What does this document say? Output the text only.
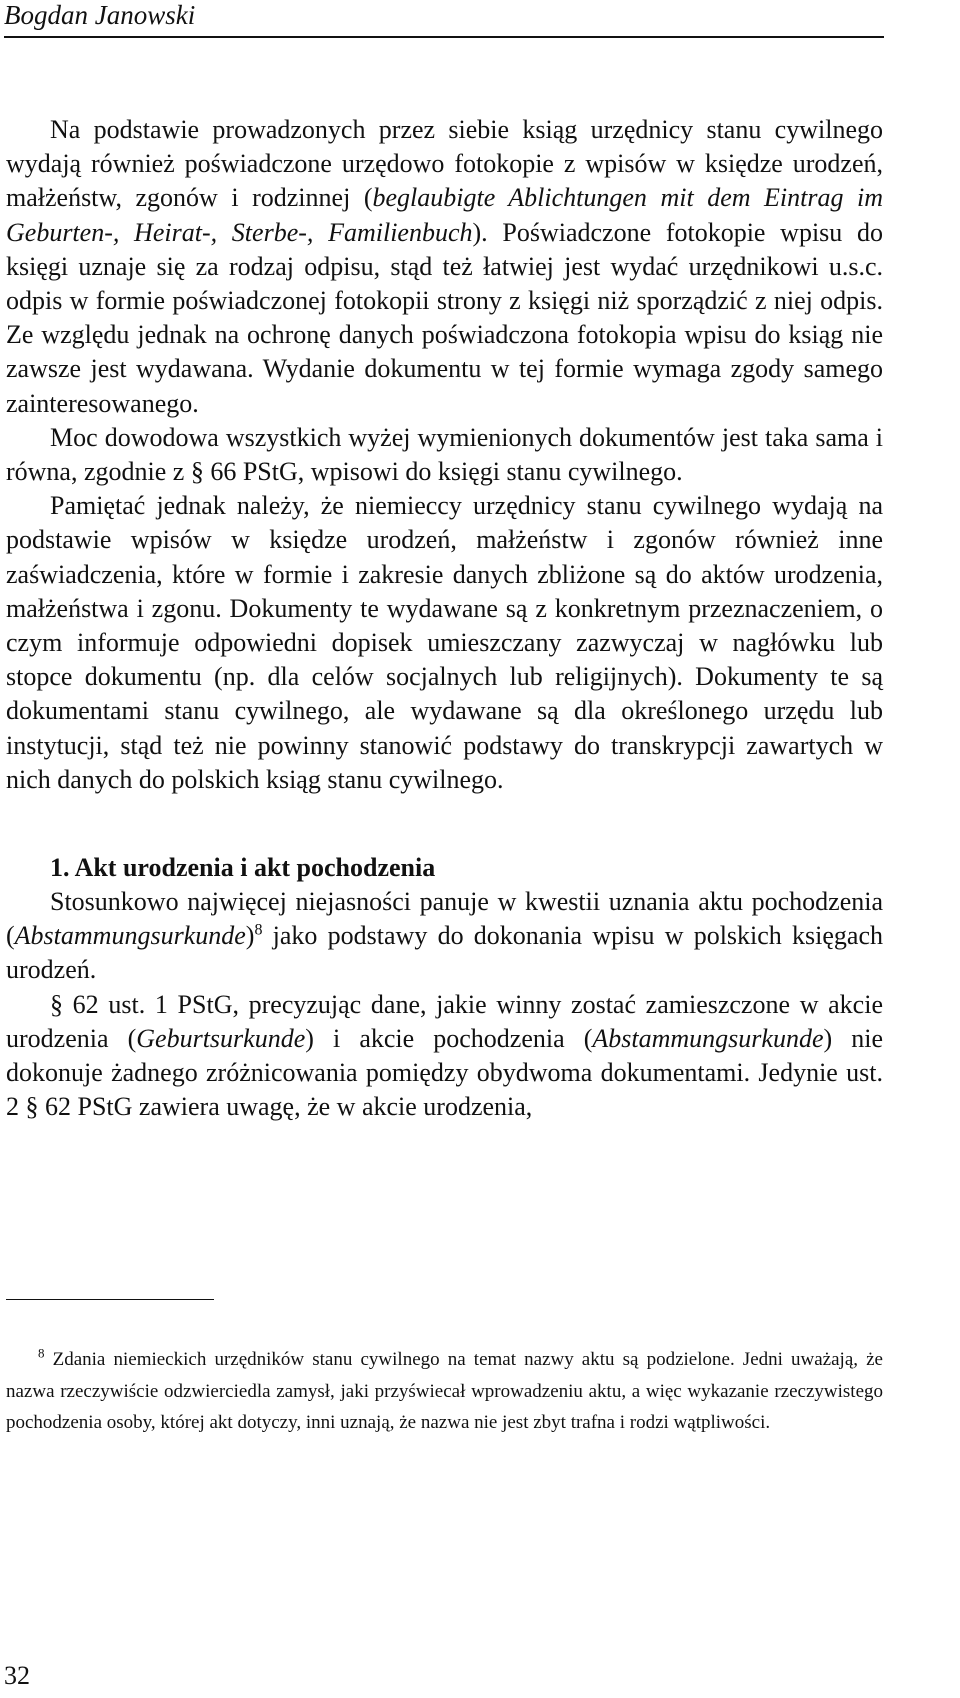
Bogdan Janowski

Na podstawie prowadzonych przez siebie ksiąg urzędnicy stanu cywilnego wydają również poświadczone urzędowo fotokopie z wpisów w księdze urodzeń, małżeństw, zgonów i rodzinnej (beglaubigte Ablichtungen mit dem Eintrag im Geburten-, Heirat-, Sterbe-, Familienbuch). Poświadczone fotokopie wpisu do księgi uznaje się za rodzaj odpisu, stąd też łatwiej jest wydać urzędnikowi u.s.c. odpis w formie poświadczonej fotokopii strony z księgi niż sporządzić z niej odpis. Ze względu jednak na ochronę danych poświadczona fotokopia wpisu do ksiąg nie zawsze jest wydawana. Wydanie dokumentu w tej formie wymaga zgody samego zainteresowanego.

Moc dowodowa wszystkich wyżej wymienionych dokumentów jest taka sama i równa, zgodnie z § 66 PStG, wpisowi do księgi stanu cywilnego.

Pamiętać jednak należy, że niemieccy urzędnicy stanu cywilnego wydają na podstawie wpisów w księdze urodzeń, małżeństw i zgonów również inne zaświadczenia, które w formie i zakresie danych zbliżone są do aktów urodzenia, małżeństwa i zgonu. Dokumenty te wydawane są z konkretnym przeznaczeniem, o czym informuje odpowiedni dopisek umieszczany zazwyczaj w nagłówku lub stopce dokumentu (np. dla celów socjalnych lub religijnych). Dokumenty te są dokumentami stanu cywilnego, ale wydawane są dla określonego urzędu lub instytucji, stąd też nie powinny stanowić podstawy do transkrypcji zawartych w nich danych do polskich ksiąg stanu cywilnego.

1. Akt urodzenia i akt pochodzenia

Stosunkowo najwięcej niejasności panuje w kwestii uznania aktu pochodzenia (Abstammungsurkunde)$^8$ jako podstawy do dokonania wpisu w polskich księgach urodzeń.

§ 62 ust. 1 PStG, precyzując dane, jakie winny zostać zamieszczone w akcie urodzenia (Geburtsurkunde) i akcie pochodzenia (Abstammungsurkunde) nie dokonuje żadnego zróżnicowania pomiędzy obydwoma dokumentami. Jedynie ust. 2 § 62 PStG zawiera uwagę, że w akcie urodzenia,

$^8$ Zdania niemieckich urzędników stanu cywilnego na temat nazwy aktu są podzielone. Jedni uważają, że nazwa rzeczywiście odzwierciedla zamysł, jaki przyświecał wprowadzeniu aktu, a więc wykazanie rzeczywistego pochodzenia osoby, której akt dotyczy, inni uznają, że nazwa nie jest zbyt trafna i rodzi wątpliwości.

32
